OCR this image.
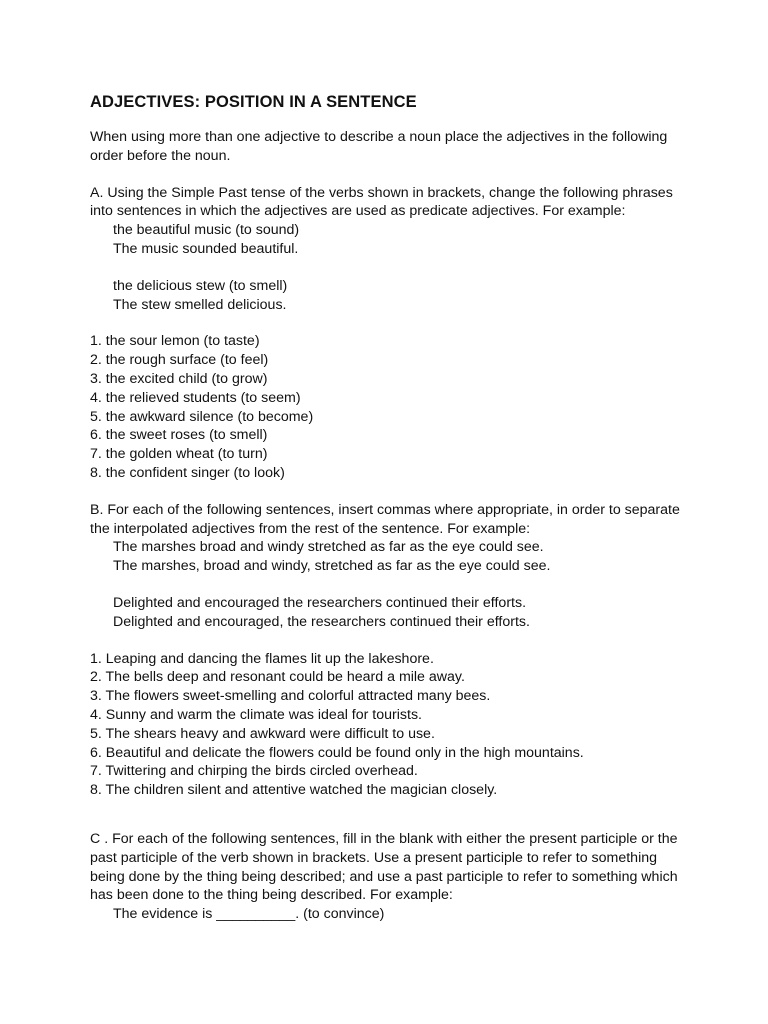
ADJECTIVES: POSITION IN A SENTENCE
When using more than one adjective to describe a noun place the adjectives in the following
order before the noun.
A. Using the Simple Past tense of the verbs shown in brackets, change the following phrases
into sentences in which the adjectives are used as predicate adjectives. For example:
the beautiful music (to sound)
The music sounded beautiful.
the delicious stew (to smell)
The stew smelled delicious.
1. the sour lemon (to taste)
2. the rough surface (to feel)
3. the excited child (to grow)
4. the relieved students (to seem)
5. the awkward silence (to become)
6. the sweet roses (to smell)
7. the golden wheat (to turn)
8. the confident singer (to look)
B. For each of the following sentences, insert commas where appropriate, in order to separate
the interpolated adjectives from the rest of the sentence. For example:
The marshes broad and windy stretched as far as the eye could see.
The marshes, broad and windy, stretched as far as the eye could see.
Delighted and encouraged the researchers continued their efforts.
Delighted and encouraged, the researchers continued their efforts.
1. Leaping and dancing the flames lit up the lakeshore.
2. The bells deep and resonant could be heard a mile away.
3. The flowers sweet-smelling and colorful attracted many bees.
4. Sunny and warm the climate was ideal for tourists.
5. The shears heavy and awkward were difficult to use.
6. Beautiful and delicate the flowers could be found only in the high mountains.
7. Twittering and chirping the birds circled overhead.
8. The children silent and attentive watched the magician closely.
C . For each of the following sentences, fill in the blank with either the present participle or the
past participle of the verb shown in brackets. Use a present participle to refer to something
being done by the thing being described; and use a past participle to refer to something which
has been done to the thing being described. For example:
The evidence is __________. (to convince)
